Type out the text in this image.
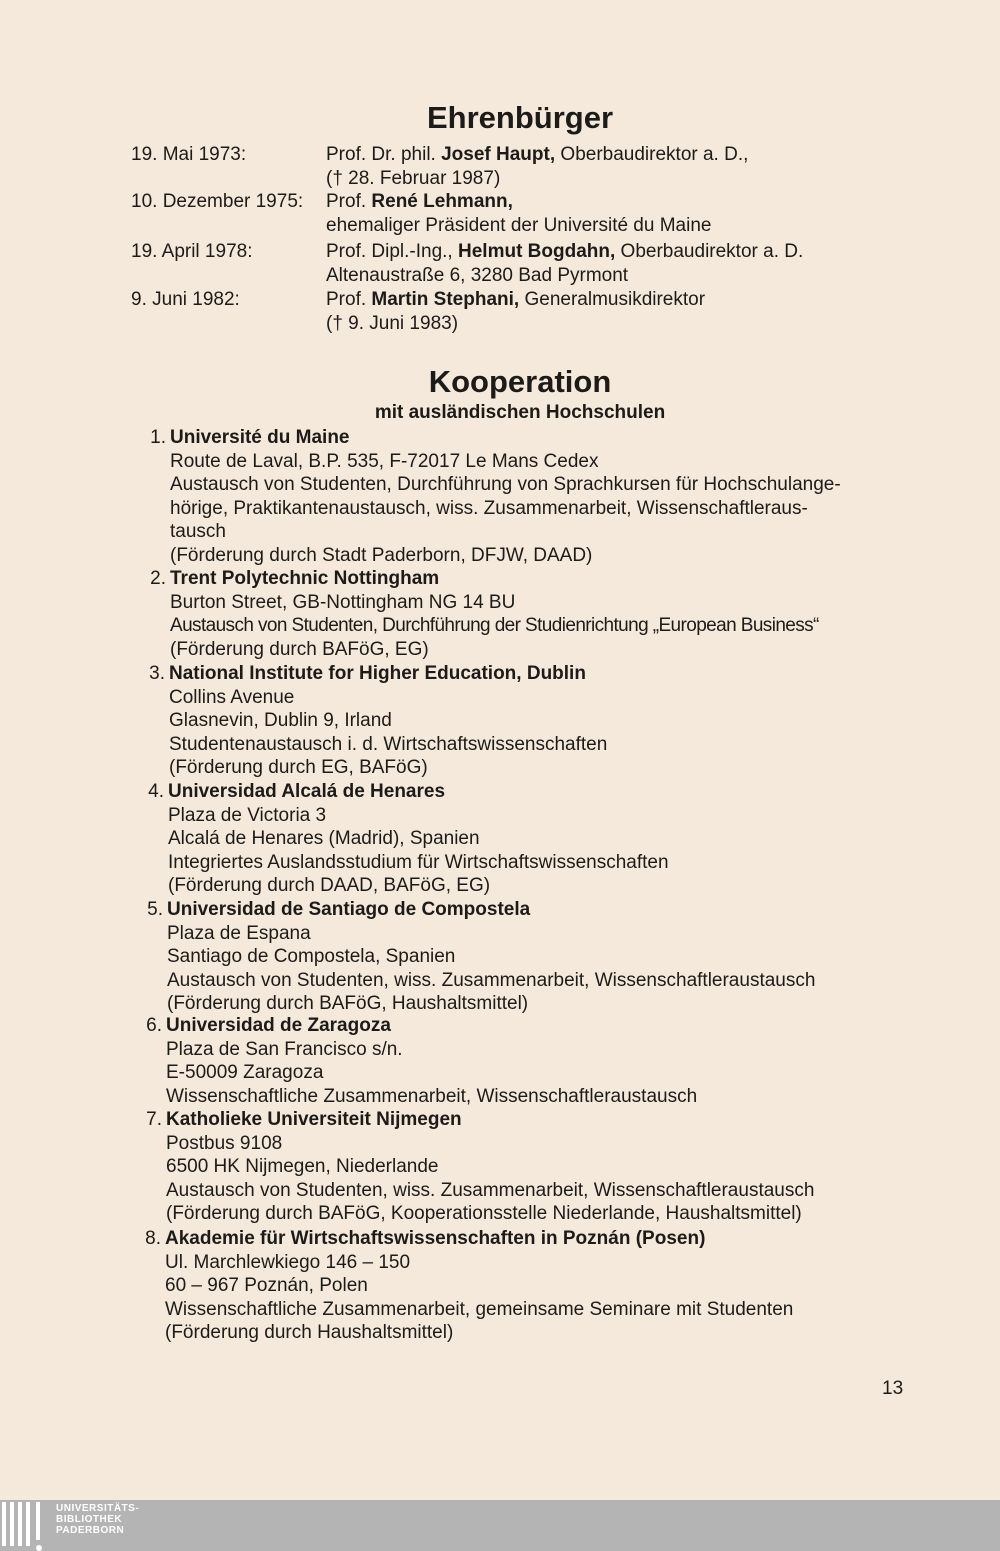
Ehrenbürger
19. Mai 1973:	Prof. Dr. phil. Josef Haupt, Oberbaudirektor a. D.,
(† 28. Februar 1987)
10. Dezember 1975: Prof. René Lehmann,
ehemaliger Präsident der Université du Maine
19. April 1978:	Prof. Dipl.-Ing., Helmut Bogdahn, Oberbaudirektor a. D.
Altenaustraße 6, 3280 Bad Pyrmont
9. Juni 1982:	Prof. Martin Stephani, Generalmusikdirektor
(† 9. Juni 1983)
Kooperation
mit ausländischen Hochschulen
1. Université du Maine
Route de Laval, B.P. 535, F-72017 Le Mans Cedex
Austausch von Studenten, Durchführung von Sprachkursen für Hochschulange-
hörige, Praktikantenaustausch, wiss. Zusammenarbeit, Wissenschaftleraus-
tausch
(Förderung durch Stadt Paderborn, DFJW, DAAD)
2. Trent Polytechnic Nottingham
Burton Street, GB-Nottingham NG 14 BU
Austausch von Studenten, Durchführung der Studienrichtung „European Business“
(Förderung durch BAFöG, EG)
3. National Institute for Higher Education, Dublin
Collins Avenue
Glasnevin, Dublin 9, Irland
Studentenaustausch i. d. Wirtschaftswissenschaften
(Förderung durch EG, BAFöG)
4. Universidad Alcalá de Henares
Plaza de Victoria 3
Alcalá de Henares (Madrid), Spanien
Integriertes Auslandsstudium für Wirtschaftswissenschaften
(Förderung durch DAAD, BAFöG, EG)
5. Universidad de Santiago de Compostela
Plaza de Espana
Santiago de Compostela, Spanien
Austausch von Studenten, wiss. Zusammenarbeit, Wissenschaftleraustausch
(Förderung durch BAFöG, Haushaltsmittel)
6. Universidad de Zaragoza
Plaza de San Francisco s/n.
E-50009 Zaragoza
Wissenschaftliche Zusammenarbeit, Wissenschaftleraustausch
7. Katholieke Universiteit Nijmegen
Postbus 9108
6500 HK Nijmegen, Niederlande
Austausch von Studenten, wiss. Zusammenarbeit, Wissenschaftleraustausch
(Förderung durch BAFöG, Kooperationsstelle Niederlande, Haushaltsmittel)
8. Akademie für Wirtschaftswissenschaften in Poznán (Posen)
Ul. Marchlewkiego 146 – 150
60 – 967 Poznán, Polen
Wissenschaftliche Zusammenarbeit, gemeinsame Seminare mit Studenten
(Förderung durch Haushaltsmittel)
13
UNIVERSITÄTS-
BIBLIOTHEK
PADERBORN
